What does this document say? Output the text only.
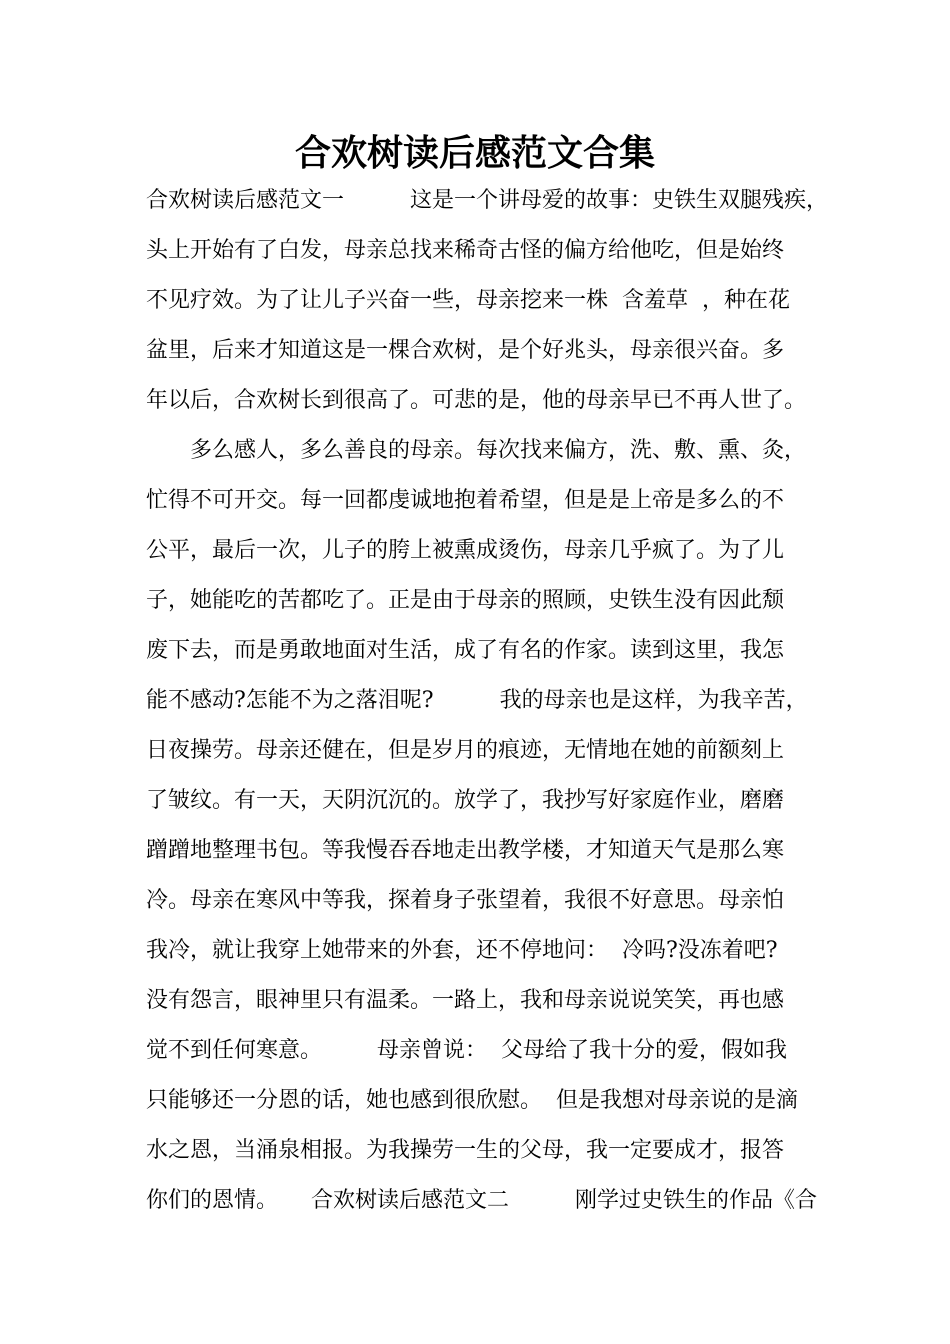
合欢树读后感范文合集
合欢树读后感范文一　　　这是一个讲母爱的故事：史铁生双腿残疾，
头上开始有了白发，母亲总找来稀奇古怪的偏方给他吃，但是始终
不见疗效。为了让儿子兴奋一些，母亲挖来一株  含羞草  ，种在花
盆里，后来才知道这是一棵合欢树，是个好兆头，母亲很兴奋。多
年以后，合欢树长到很高了。可悲的是，他的母亲早已不再人世了。
　　多么感人，多么善良的母亲。每次找来偏方，洗、敷、熏、灸，
忙得不可开交。每一回都虔诚地抱着希望，但是是上帝是多么的不
公平，最后一次，儿子的胯上被熏成烫伤，母亲几乎疯了。为了儿
子，她能吃的苦都吃了。正是由于母亲的照顾，史铁生没有因此颓
废下去，而是勇敢地面对生活，成了有名的作家。读到这里，我怎
能不感动?怎能不为之落泪呢?　　　我的母亲也是这样，为我辛苦，
日夜操劳。母亲还健在，但是岁月的痕迹，无情地在她的前额刻上
了皱纹。有一天，天阴沉沉的。放学了，我抄写好家庭作业，磨磨
蹭蹭地整理书包。等我慢吞吞地走出教学楼，才知道天气是那么寒
冷。母亲在寒风中等我，探着身子张望着，我很不好意思。母亲怕
我冷，就让我穿上她带来的外套，还不停地问：  冷吗?没冻着吧?
没有怨言，眼神里只有温柔。一路上，我和母亲说说笑笑，再也感
觉不到任何寒意。　　　母亲曾说：  父母给了我十分的爱，假如我
只能够还一分恩的话，她也感到很欣慰。  但是我想对母亲说的是滴
水之恩，当涌泉相报。为我操劳一生的父母，我一定要成才，报答
你们的恩情。　　合欢树读后感范文二　　　刚学过史铁生的作品《合
